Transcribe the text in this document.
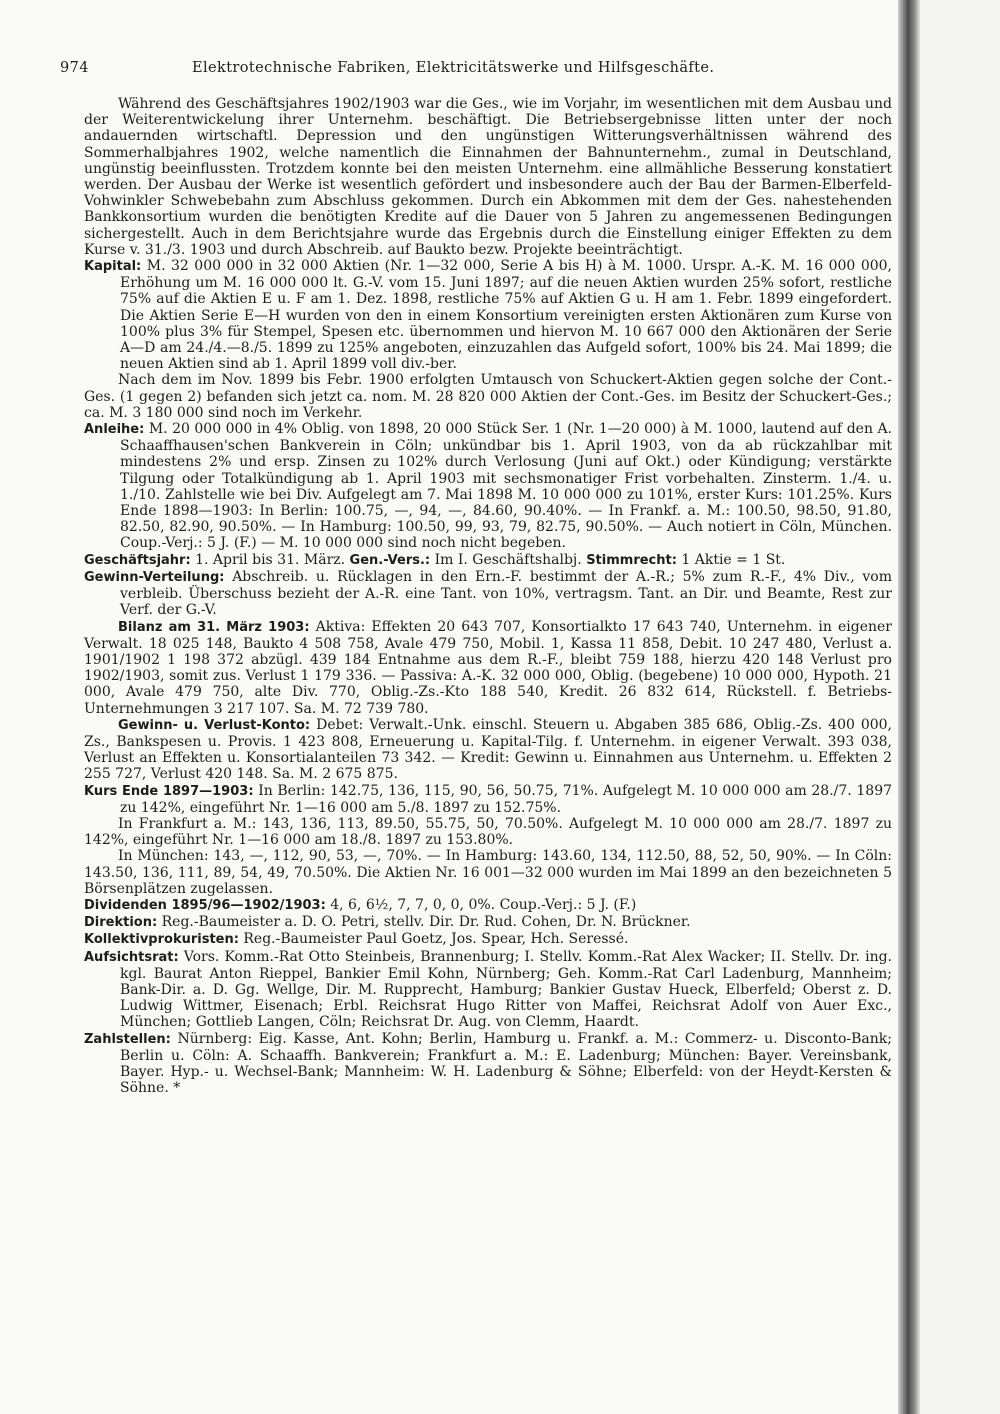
974	Elektrotechnische Fabriken, Elektricitätswerke und Hilfsgeschäfte.

Während des Geschäftsjahres 1902/1903 war die Ges., wie im Vorjahr, im wesentlichen mit dem Ausbau und der Weiterentwickelung ihrer Unternehm. beschäftigt. Die Betriebsergebnisse litten unter der noch andauernden wirtschaftl. Depression und den ungünstigen Witterungsverhältnissen während des Sommerhalbjahres 1902, welche namentlich die Einnahmen der Bahnunternehm., zumal in Deutschland, ungünstig beeinflussten. Trotzdem konnte bei den meisten Unternehm. eine allmähliche Besserung konstatiert werden. Der Ausbau der Werke ist wesentlich gefördert und insbesondere auch der Bau der Barmen-Elberfeld-Vohwinkler Schwebebahn zum Abschluss gekommen. Durch ein Abkommen mit dem der Ges. nahestehenden Bankkonsortium wurden die benötigten Kredite auf die Dauer von 5 Jahren zu angemessenen Bedingungen sichergestellt. Auch in dem Berichtsjahre wurde das Ergebnis durch die Einstellung einiger Effekten zu dem Kurse v. 31./3. 1903 und durch Abschreib. auf Baukto bezw. Projekte beeinträchtigt.

Kapital: M. 32 000 000 in 32 000 Aktien (Nr. 1—32 000, Serie A bis H) à M. 1000. Urspr. A.-K. M. 16 000 000, Erhöhung um M. 16 000 000 lt. G.-V. vom 15. Juni 1897; auf die neuen Aktien wurden 25% sofort, restliche 75% auf die Aktien E u. F am 1. Dez. 1898, restliche 75% auf Aktien G u. H am 1. Febr. 1899 eingefordert. Die Aktien Serie E—H wurden von den in einem Konsortium vereinigten ersten Aktionären zum Kurse von 100% plus 3% für Stempel, Spesen etc. übernommen und hiervon M. 10 667 000 den Aktionären der Serie A—D am 24./4.—8./5. 1899 zu 125% angeboten, einzuzahlen das Aufgeld sofort, 100% bis 24. Mai 1899; die neuen Aktien sind ab 1. April 1899 voll div.-ber.

Nach dem im Nov. 1899 bis Febr. 1900 erfolgten Umtausch von Schuckert-Aktien gegen solche der Cont.-Ges. (1 gegen 2) befanden sich jetzt ca. nom. M. 28 820 000 Aktien der Cont.-Ges. im Besitz der Schuckert-Ges.; ca. M. 3 180 000 sind noch im Verkehr.

Anleihe: M. 20 000 000 in 4% Oblig. von 1898, 20 000 Stück Ser. 1 (Nr. 1—20 000) à M. 1000, lautend auf den A. Schaaffhausen'schen Bankverein in Cöln; unkündbar bis 1. April 1903, von da ab rückzahlbar mit mindestens 2% und ersp. Zinsen zu 102% durch Verlosung (Juni auf Okt.) oder Kündigung; verstärkte Tilgung oder Totalkündigung ab 1. April 1903 mit sechsmonatiger Frist vorbehalten. Zinsterm. 1./4. u. 1./10. Zahlstelle wie bei Div. Aufgelegt am 7. Mai 1898 M. 10 000 000 zu 101%, erster Kurs: 101.25%. Kurs Ende 1898—1903: In Berlin: 100.75, —, 94, —, 84.60, 90.40%. — In Frankf. a. M.: 100.50, 98.50, 91.80, 82.50, 82.90, 90.50%. — In Hamburg: 100.50, 99, 93, 79, 82.75, 90.50%. — Auch notiert in Cöln, München. Coup.-Verj.: 5 J. (F.) — M. 10 000 000 sind noch nicht begeben.

Geschäftsjahr: 1. April bis 31. März. Gen.-Vers.: Im I. Geschäftshalbj. Stimmrecht: 1 Aktie = 1 St.

Gewinn-Verteilung: Abschreib. u. Rücklagen in den Ern.-F. bestimmt der A.-R.; 5% zum R.-F., 4% Div., vom verbleib. Überschuss bezieht der A.-R. eine Tant. von 10%, vertragsm. Tant. an Dir. und Beamte, Rest zur Verf. der G.-V.

Bilanz am 31. März 1903: Aktiva: Effekten 20 643 707, Konsortialkto 17 643 740, Unternehm. in eigener Verwalt. 18 025 148, Baukto 4 508 758, Avale 479 750, Mobil. 1, Kassa 11 858, Debit. 10 247 480, Verlust a. 1901/1902 1 198 372 abzügl. 439 184 Entnahme aus dem R.-F., bleibt 759 188, hierzu 420 148 Verlust pro 1902/1903, somit zus. Verlust 1 179 336. — Passiva: A.-K. 32 000 000, Oblig. (begebene) 10 000 000, Hypoth. 21 000, Avale 479 750, alte Div. 770, Oblig.-Zs.-Kto 188 540, Kredit. 26 832 614, Rückstell. f. Betriebs-Unternehmungen 3 217 107. Sa. M. 72 739 780.

Gewinn- u. Verlust-Konto: Debet: Verwalt.-Unk. einschl. Steuern u. Abgaben 385 686, Oblig.-Zs. 400 000, Zs., Bankspesen u. Provis. 1 423 808, Erneuerung u. Kapital-Tilg. f. Unternehm. in eigener Verwalt. 393 038, Verlust an Effekten u. Konsortialanteilen 73 342. — Kredit: Gewinn u. Einnahmen aus Unternehm. u. Effekten 2 255 727, Verlust 420 148. Sa. M. 2 675 875.

Kurs Ende 1897—1903: In Berlin: 142.75, 136, 115, 90, 56, 50.75, 71%. Aufgelegt M. 10 000 000 am 28./7. 1897 zu 142%, eingeführt Nr. 1—16 000 am 5./8. 1897 zu 152.75%.

In Frankfurt a. M.: 143, 136, 113, 89.50, 55.75, 50, 70.50%. Aufgelegt M. 10 000 000 am 28./7. 1897 zu 142%, eingeführt Nr. 1—16 000 am 18./8. 1897 zu 153.80%.

In München: 143, —, 112, 90, 53, —, 70%. — In Hamburg: 143.60, 134, 112.50, 88, 52, 50, 90%. — In Cöln: 143.50, 136, 111, 89, 54, 49, 70.50%. Die Aktien Nr. 16 001—32 000 wurden im Mai 1899 an den bezeichneten 5 Börsenplätzen zugelassen.

Dividenden 1895/96—1902/1903: 4, 6, 6½, 7, 7, 0, 0, 0%. Coup.-Verj.: 5 J. (F.)

Direktion: Reg.-Baumeister a. D. O. Petri, stellv. Dir. Dr. Rud. Cohen, Dr. N. Brückner.

Kollektivprokuristen: Reg.-Baumeister Paul Goetz, Jos. Spear, Hch. Seressé.

Aufsichtsrat: Vors. Komm.-Rat Otto Steinbeis, Brannenburg; I. Stellv. Komm.-Rat Alex Wacker; II. Stellv. Dr. ing. kgl. Baurat Anton Rieppel, Bankier Emil Kohn, Nürnberg; Geh. Komm.-Rat Carl Ladenburg, Mannheim; Bank-Dir. a. D. Gg. Wellge, Dir. M. Rupprecht, Hamburg; Bankier Gustav Hueck, Elberfeld; Oberst z. D. Ludwig Wittmer, Eisenach; Erbl. Reichsrat Hugo Ritter von Maffei, Reichsrat Adolf von Auer Exc., München; Gottlieb Langen, Cöln; Reichsrat Dr. Aug. von Clemm, Haardt.

Zahlstellen: Nürnberg: Eig. Kasse, Ant. Kohn; Berlin, Hamburg u. Frankf. a. M.: Commerz- u. Disconto-Bank; Berlin u. Cöln: A. Schaaffh. Bankverein; Frankfurt a. M.: E. Ladenburg; München: Bayer. Vereinsbank, Bayer. Hyp.- u. Wechsel-Bank; Mannheim: W. H. Ladenburg & Söhne; Elberfeld: von der Heydt-Kersten & Söhne. *
